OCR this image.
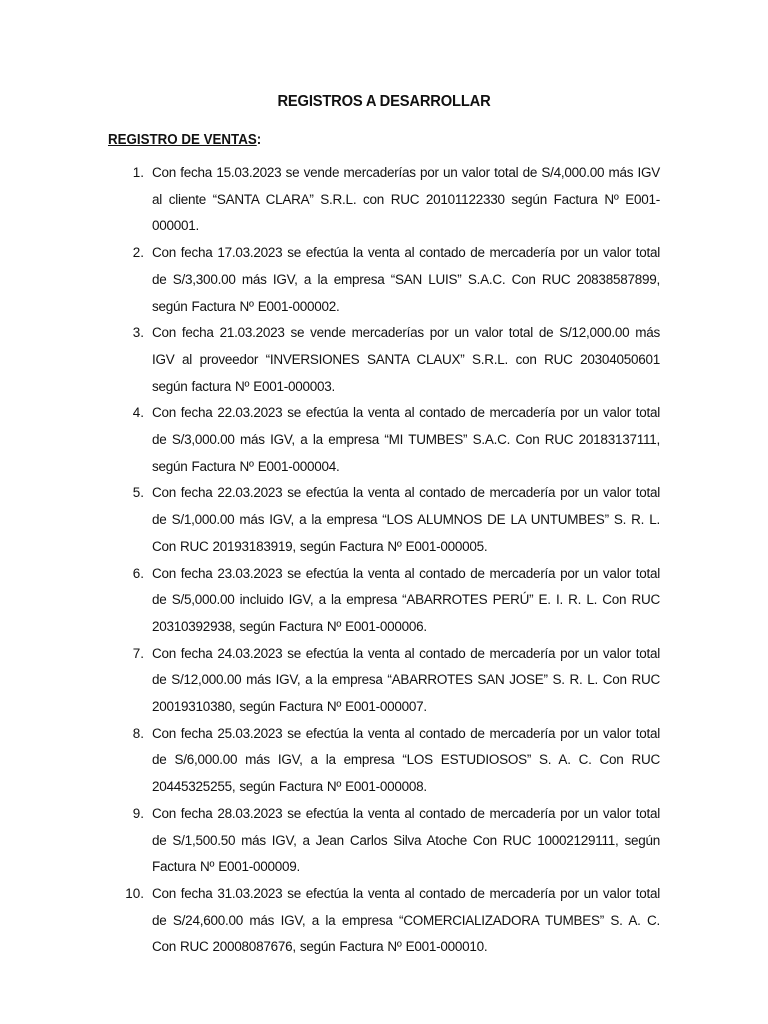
REGISTROS A DESARROLLAR
REGISTRO DE VENTAS:
1. Con fecha 15.03.2023 se vende mercaderías por un valor total de S/4,000.00 más IGV al cliente “SANTA CLARA” S.R.L. con RUC 20101122330 según Factura Nº E001-000001.
2. Con fecha 17.03.2023 se efectúa la venta al contado de mercadería por un valor total de S/3,300.00 más IGV, a la empresa “SAN LUIS” S.A.C. Con RUC 20838587899, según Factura Nº E001-000002.
3. Con fecha 21.03.2023 se vende mercaderías por un valor total de S/12,000.00 más IGV al proveedor “INVERSIONES SANTA CLAUX” S.R.L. con RUC 20304050601 según factura Nº E001-000003.
4. Con fecha 22.03.2023 se efectúa la venta al contado de mercadería por un valor total de S/3,000.00 más IGV, a la empresa “MI TUMBES” S.A.C. Con RUC 20183137111, según Factura Nº E001-000004.
5. Con fecha 22.03.2023 se efectúa la venta al contado de mercadería por un valor total de S/1,000.00 más IGV, a la empresa “LOS ALUMNOS DE LA UNTUMBES” S. R. L. Con RUC 20193183919, según Factura Nº E001-000005.
6. Con fecha 23.03.2023 se efectúa la venta al contado de mercadería por un valor total de S/5,000.00 incluido IGV, a la empresa “ABARROTES PERÚ” E. I. R. L. Con RUC 20310392938, según Factura Nº E001-000006.
7. Con fecha 24.03.2023 se efectúa la venta al contado de mercadería por un valor total de S/12,000.00 más IGV, a la empresa “ABARROTES SAN JOSE” S. R. L. Con RUC 20019310380, según Factura Nº E001-000007.
8. Con fecha 25.03.2023 se efectúa la venta al contado de mercadería por un valor total de S/6,000.00 más IGV, a la empresa “LOS ESTUDIOSOS” S. A. C. Con RUC 20445325255, según Factura Nº E001-000008.
9. Con fecha 28.03.2023 se efectúa la venta al contado de mercadería por un valor total de S/1,500.50 más IGV, a Jean Carlos Silva Atoche Con RUC 10002129111, según Factura Nº E001-000009.
10. Con fecha 31.03.2023 se efectúa la venta al contado de mercadería por un valor total de S/24,600.00 más IGV, a la empresa “COMERCIALIZADORA TUMBES” S. A. C. Con RUC 20008087676, según Factura Nº E001-000010.
